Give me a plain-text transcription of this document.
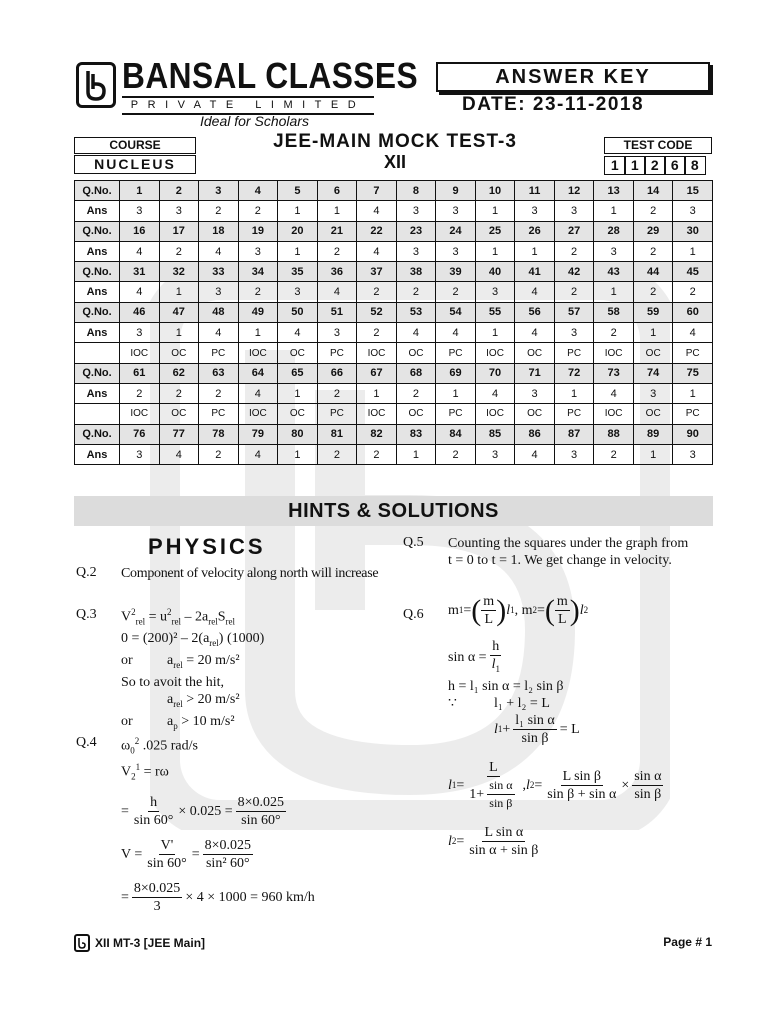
BANSAL CLASSES
PRIVATE LIMITED
Ideal for Scholars
ANSWER KEY
DATE: 23-11-2018
COURSE
NUCLEUS
JEE-MAIN MOCK TEST-3
XII
TEST CODE
1 1 2 6 8
Q.No.	1	2	3	4	5	6	7	8	9	10	11	12	13	14	15
Ans	3	3	2	2	1	1	4	3	3	1	3	3	1	2	3
Q.No.	16	17	18	19	20	21	22	23	24	25	26	27	28	29	30
Ans	4	2	4	3	1	2	4	3	3	1	1	2	3	2	1
Q.No.	31	32	33	34	35	36	37	38	39	40	41	42	43	44	45
Ans	4	1	3	2	3	4	2	2	2	3	4	2	1	2	2
Q.No.	46	47	48	49	50	51	52	53	54	55	56	57	58	59	60
Ans	3	1	4	1	4	3	2	4	4	1	4	3	2	1	4
	IOC	OC	PC	IOC	OC	PC	IOC	OC	PC	IOC	OC	PC	IOC	OC	PC
Q.No.	61	62	63	64	65	66	67	68	69	70	71	72	73	74	75
Ans	2	2	2	4	1	2	1	2	1	4	3	1	4	3	1
	IOC	OC	PC	IOC	OC	PC	IOC	OC	PC	IOC	OC	PC	IOC	OC	PC
Q.No.	76	77	78	79	80	81	82	83	84	85	86	87	88	89	90
Ans	3	4	2	4	1	2	2	1	2	3	4	3	2	1	3
HINTS & SOLUTIONS
PHYSICS
Q.2 Component of velocity along north will increase
Q.3 $V^2_{rel} = u^2_{rel} - 2a_{rel}S_{rel}$
$0 = (200)^2 - 2(a_{rel})$ (1000)
or $a_{rel} = 20$ m/s²
So to avoit the hit,
$a_{rel} > 20$ m/s²
or $a_p > 10$ m/s²
Q.4 $\omega_0^2$ .025 rad/s
$V_2^1 = r\omega$
= $\frac{h}{\sin 60^\circ} \times 0.025 = \frac{8\times 0.025}{\sin 60^\circ}$
$V = \frac{V'}{\sin 60^\circ} = \frac{8\times 0.025}{\text{sin² 60°}}$
= $\frac{8\times 0.025}{3} \times 4 \times 1000 = 960$ km/h
Q.5 Counting the squares under the graph from
t = 0 to t = 1. We get change in velocity.
Q.6 m 1 = ( $\frac{m}{L}$ ) l 1 , m 2 = ( $\frac{m}{L}$ ) l 2
$\sin \alpha = \frac{h}{l_1}$
h = l₁ sin α = l₂ sin β
∵	l₁ + l₂ = L
l $1 + \frac{\text{l₁ sin α}}{\text{sin β}} = L$
l $1 = \frac{L}{1+ \frac{\text{sin α}}{\text{sin β}}}$ , l $2 = \frac{\text{L sin β}}{\text{sin β + sin α}} \times \frac{\text{sin α}}{\text{sin β}}$
l $2 = \frac{\text{L sin α}}{\text{sin α + sin β}}$
XII MT-3 [JEE Main]	Page # 1
